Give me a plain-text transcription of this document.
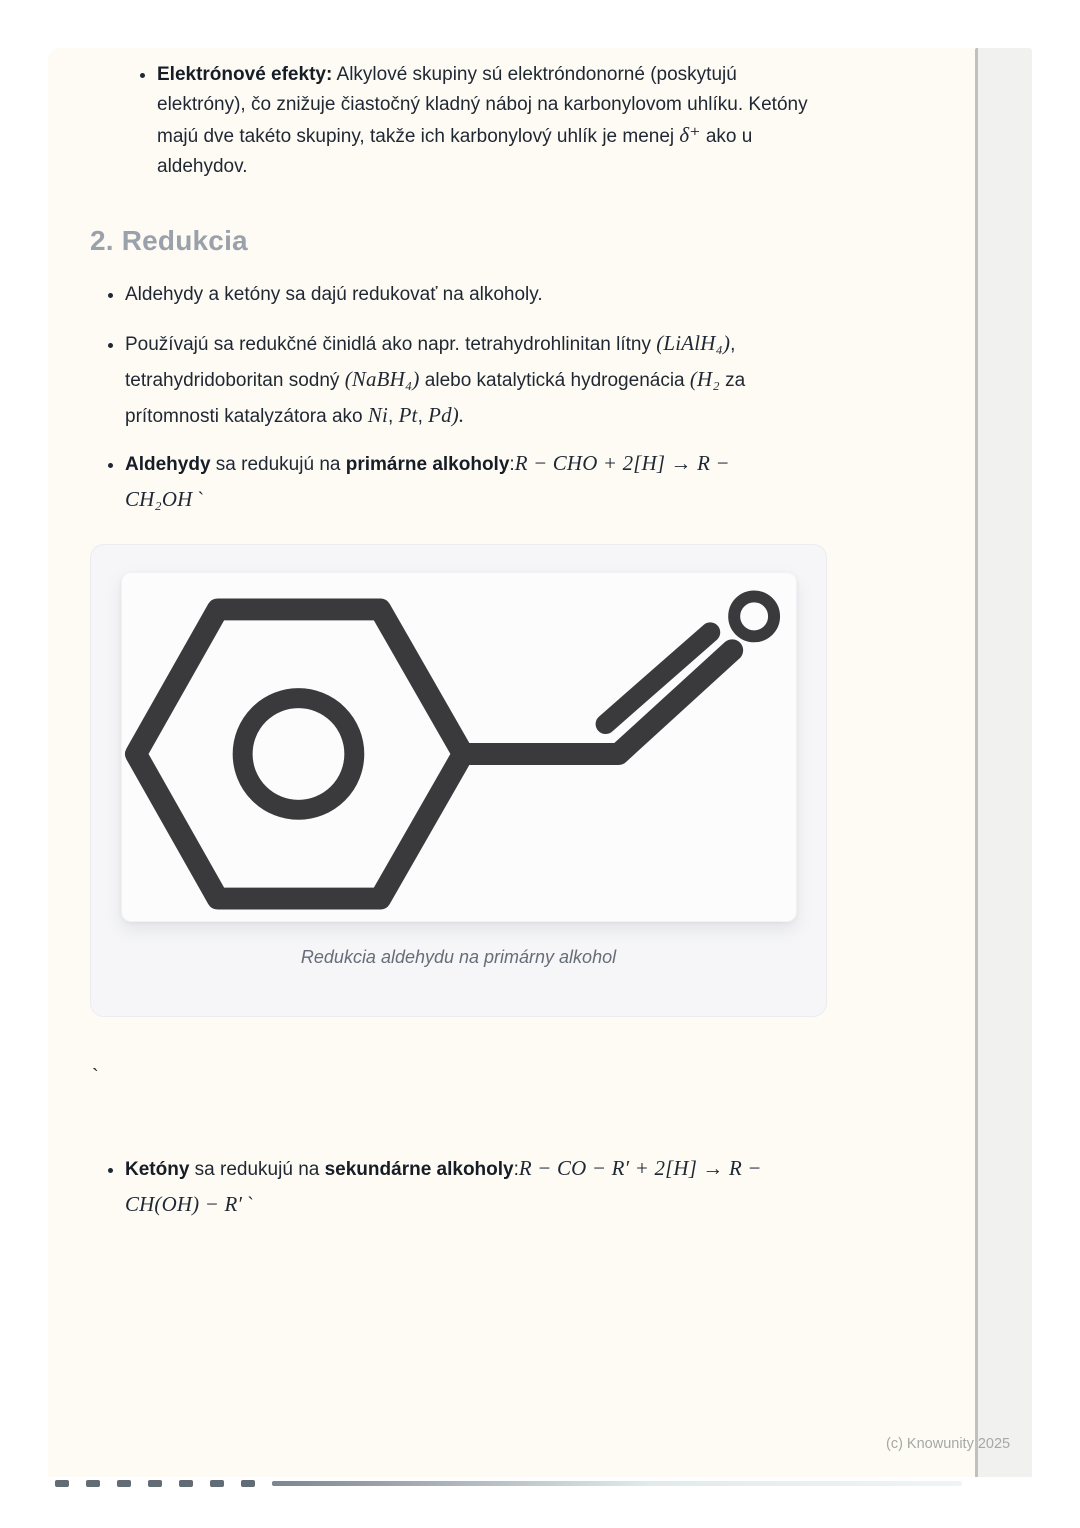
• Elektrónové efekty: Alkylové skupiny sú elektróndonorné (poskytujú elektróny), čo znižuje čiastočný kladný náboj na karbonylovom uhlíku. Ketóny majú dve takéto skupiny, takže ich karbonylový uhlík je menej δ⁺ ako u aldehydov.
2. Redukcia
• Aldehydy a ketóny sa dajú redukovať na alkoholy.
• Používajú sa redukčné činidlá ako napr. tetrahydrohlinitan lítny (LiAlH₄), tetrahydridoboritan sodný (NaBH₄) alebo katalytická hydrogenácia (H₂ za prítomnosti katalyzátora ako Ni, Pt, Pd).
• Aldehydy sa redukujú na primárne alkoholy:R − CHO + 2[H] → R − CH₂OH `
Redukcia aldehydu na primárny alkohol
`
• Ketóny sa redukujú na sekundárne alkoholy:R − CO − R′ + 2[H] → R − CH(OH) − R′ `
(c) Knowunity 2025
